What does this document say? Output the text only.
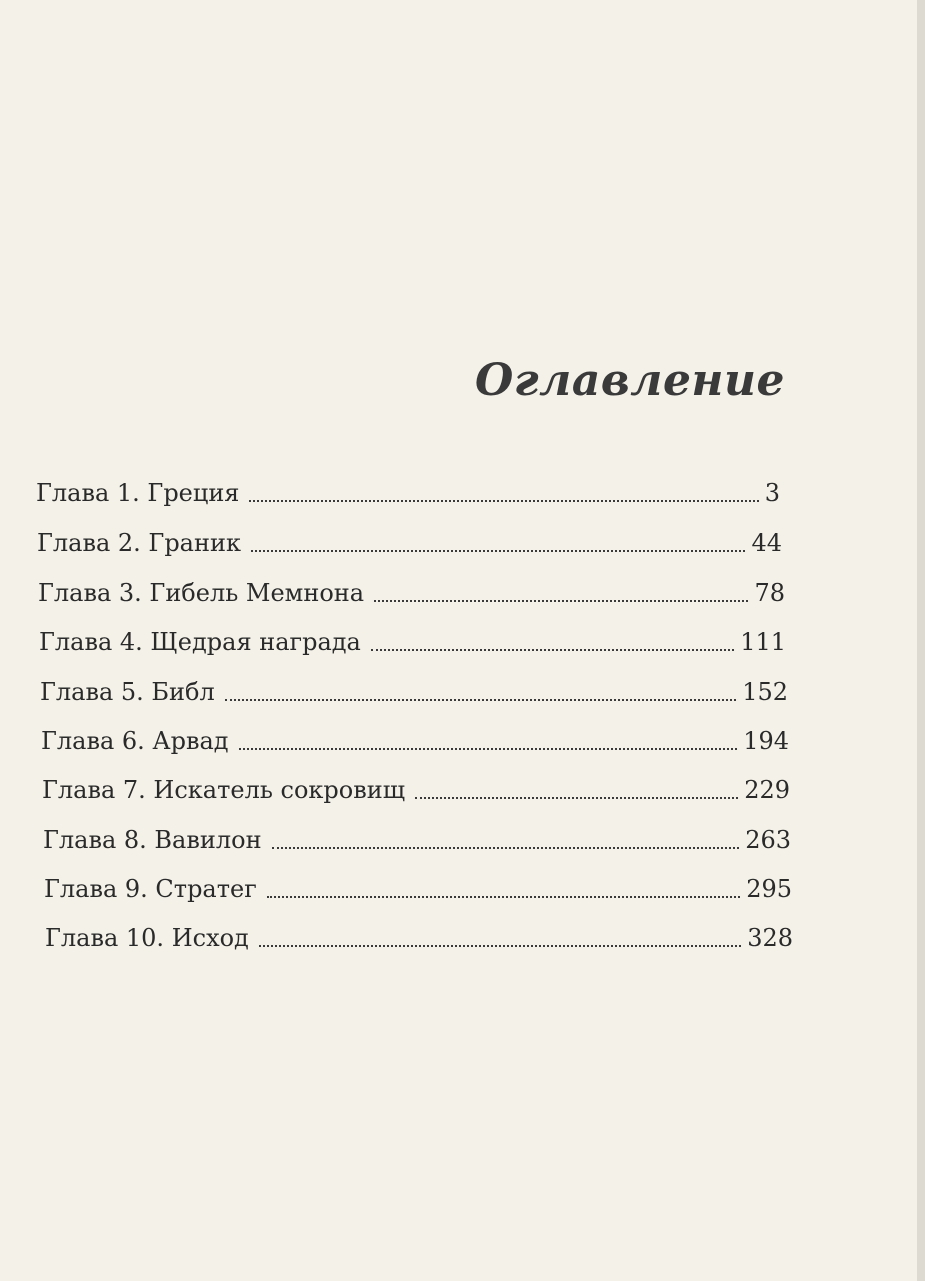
Оглавление
Глава 1. Греция	3
Глава 2. Граник	44
Глава 3. Гибель Мемнона	78
Глава 4. Щедрая награда	111
Глава 5. Библ	152
Глава 6. Арвад	194
Глава 7. Искатель сокровищ	229
Глава 8. Вавилон	263
Глава 9. Стратег	295
Глава 10. Исход	328
